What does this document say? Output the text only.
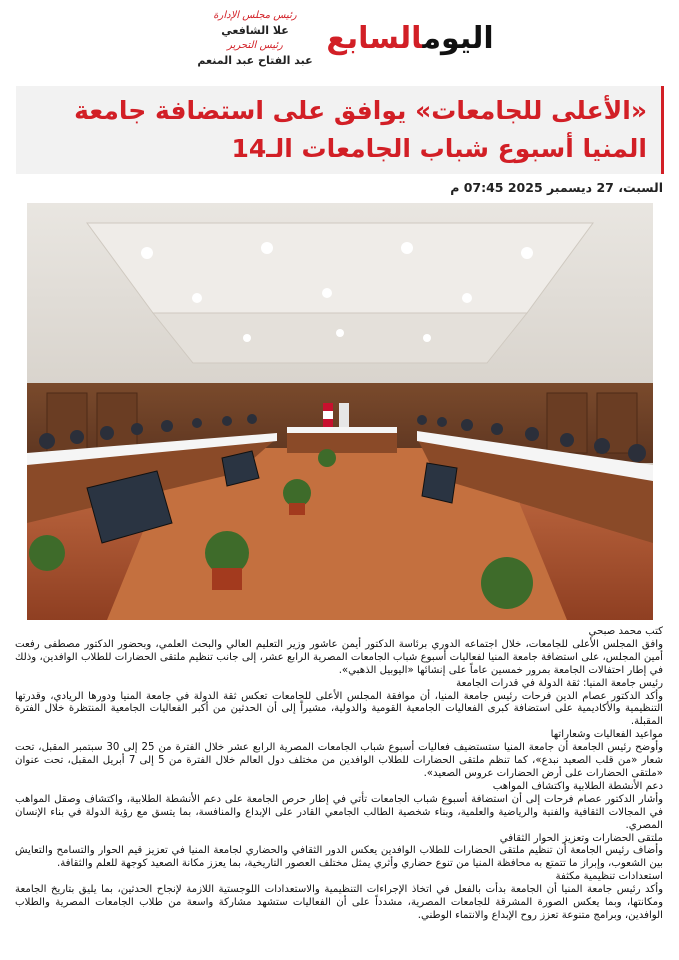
اليومالسابع
رئيس مجلس الإدارة
علا الشافعي
رئيس التحرير
عبد الفتاح عبد المنعم
«الأعلى للجامعات» يوافق على استضافة جامعة المنيا أسبوع شباب الجامعات الـ14
السبت، 27 ديسمبر 2025 07:45 م

كتب محمد صبحي

وافق المجلس الأعلى للجامعات، خلال اجتماعه الدوري برئاسة الدكتور أيمن عاشور وزير التعليم العالي والبحث العلمي، وبحضور الدكتور مصطفى رفعت أمين المجلس، على استضافة جامعة المنيا لفعاليات أسبوع شباب الجامعات المصرية الرابع عشر، إلى جانب تنظيم ملتقى الحضارات للطلاب الوافدين، وذلك في إطار احتفالات الجامعة بمرور خمسين عاماً على إنشائها «اليوبيل الذهبي».

رئيس جامعة المنيا: ثقة الدولة في قدرات الجامعة

وأكد الدكتور عصام الدين فرحات رئيس جامعة المنيا، أن موافقة المجلس الأعلى للجامعات تعكس ثقة الدولة في جامعة المنيا ودورها الريادي، وقدرتها التنظيمية والأكاديمية على استضافة كبرى الفعاليات الجامعية القومية والدولية، مشيراً إلى أن الحدثين من أكبر الفعاليات الجامعية المنتظرة خلال الفترة المقبلة.

مواعيد الفعاليات وشعاراتها

وأوضح رئيس الجامعة أن جامعة المنيا ستستضيف فعاليات أسبوع شباب الجامعات المصرية الرابع عشر خلال الفترة من 25 إلى 30 سبتمبر المقبل، تحت شعار «من قلب الصعيد نبدع»، كما تنظم ملتقى الحضارات للطلاب الوافدين من مختلف دول العالم خلال الفترة من 5 إلى 7 أبريل المقبل، تحت عنوان «ملتقى الحضارات على أرض الحضارات عروس الصعيد».

دعم الأنشطة الطلابية واكتشاف المواهب

وأشار الدكتور عصام فرحات إلى أن استضافة أسبوع شباب الجامعات تأتي في إطار حرص الجامعة على دعم الأنشطة الطلابية، واكتشاف وصقل المواهب في المجالات الثقافية والفنية والرياضية والعلمية، وبناء شخصية الطالب الجامعي القادر على الإبداع والمنافسة، بما يتسق مع رؤية الدولة في بناء الإنسان المصري.

ملتقى الحضارات وتعزيز الحوار الثقافي

وأضاف رئيس الجامعة أن تنظيم ملتقى الحضارات للطلاب الوافدين يعكس الدور الثقافي والحضاري لجامعة المنيا في تعزيز قيم الحوار والتسامح والتعايش بين الشعوب، وإبراز ما تتمتع به محافظة المنيا من تنوع حضاري وأثري يمثل مختلف العصور التاريخية، بما يعزز مكانة الصعيد كوجهة للعلم والثقافة.

استعدادات تنظيمية مكثفة

وأكد رئيس جامعة المنيا أن الجامعة بدأت بالفعل في اتخاذ الإجراءات التنظيمية والاستعدادات اللوجستية اللازمة لإنجاح الحدثين، بما يليق بتاريخ الجامعة ومكانتها، وبما يعكس الصورة المشرقة للجامعات المصرية، مشدداً على أن الفعاليات ستشهد مشاركة واسعة من طلاب الجامعات المصرية والطلاب الوافدين، وبرامج متنوعة تعزز روح الإبداع والانتماء الوطني.
